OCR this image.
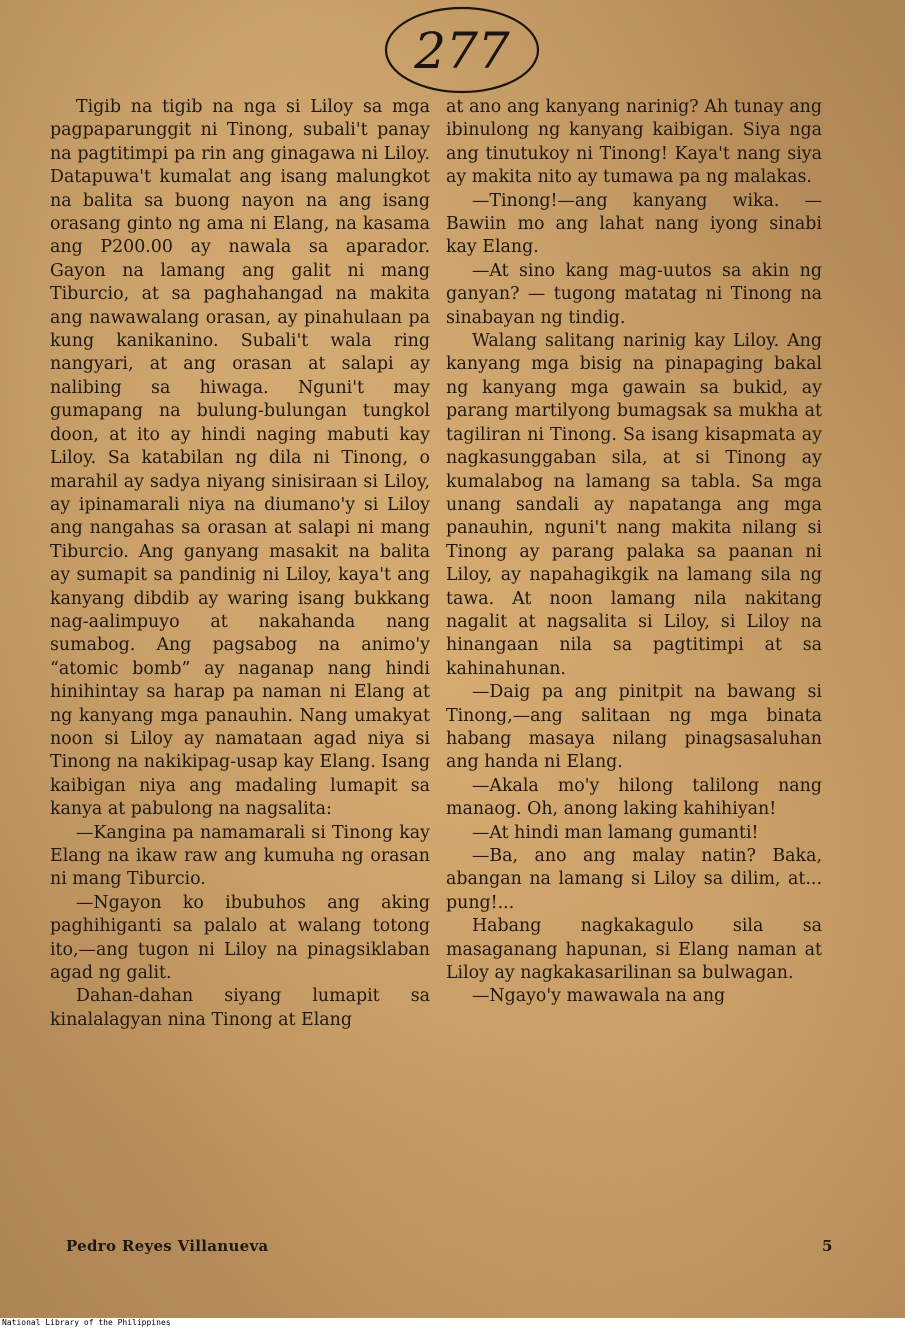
277

Tigib na tigib na nga si Liloy sa mga pagpaparunggit ni Tinong, subali't panay na pagtitimpi pa rin ang ginagawa ni Liloy. Datapuwa't kumalat ang isang malungkot na balita sa buong nayon na ang isang orasang ginto ng ama ni Elang, na kasama ang P200.00 ay nawala sa aparador. Gayon na lamang ang galit ni mang Tiburcio, at sa paghahangad na makita ang nawawalang orasan, ay pinahulaan pa kung kanikanino. Subali't wala ring nangyari, at ang orasan at salapi ay nalibing sa hiwaga. Nguni't may gumapang na bulung-bulungan tungkol doon, at ito ay hindi naging mabuti kay Liloy. Sa katabilan ng dila ni Tinong, o marahil ay sadya niyang sinisiraan si Liloy, ay ipinamarali niya na diumano'y si Liloy ang nangahas sa orasan at salapi ni mang Tiburcio. Ang ganyang masakit na balita ay sumapit sa pandinig ni Liloy, kaya't ang kanyang dibdib ay waring isang bukkang nag-aalimpuyo at nakahanda nang sumabog. Ang pagsabog na animo'y “atomic bomb” ay naganap nang hindi hinihintay sa harap pa naman ni Elang at ng kanyang mga panauhin. Nang umakyat noon si Liloy ay namataan agad niya si Tinong na nakikipag-usap kay Elang. Isang kaibigan niya ang madaling lumapit sa kanya at pabulong na nagsalita:

—Kangina pa namamarali si Tinong kay Elang na ikaw raw ang kumuha ng orasan ni mang Tiburcio.

—Ngayon ko ibubuhos ang aking paghihiganti sa palalo at walang totong ito,—ang tugon ni Liloy na pinagsiklaban agad ng galit.

Dahan-dahan siyang lumapit sa kinalalagyan nina Tinong at Elang

at ano ang kanyang narinig? Ah tunay ang ibinulong ng kanyang kaibigan. Siya nga ang tinutukoy ni Tinong! Kaya't nang siya ay makita nito ay tumawa pa ng malakas.

—Tinong!—ang kanyang wika. —Bawiin mo ang lahat nang iyong sinabi kay Elang.

—At sino kang mag-uutos sa akin ng ganyan? — tugong matatag ni Tinong na sinabayan ng tindig.

Walang salitang narinig kay Liloy. Ang kanyang mga bisig na pinapaging bakal ng kanyang mga gawain sa bukid, ay parang martilyong bumagsak sa mukha at tagiliran ni Tinong. Sa isang kisapmata ay nagkasunggaban sila, at si Tinong ay kumalabog na lamang sa tabla. Sa mga unang sandali ay napatanga ang mga panauhin, nguni't nang makita nilang si Tinong ay parang palaka sa paanan ni Liloy, ay napahagikgik na lamang sila ng tawa. At noon lamang nila nakitang nagalit at nagsalita si Liloy, si Liloy na hinangaan nila sa pagtitimpi at sa kahinahunan.

—Daig pa ang pinitpit na bawang si Tinong,—ang salitaan ng mga binata habang masaya nilang pinagsasaluhan ang handa ni Elang.

—Akala mo'y hilong talilong nang manaog. Oh, anong laking kahihiyan!

—At hindi man lamang gumanti!

—Ba, ano ang malay natin? Baka, abangan na lamang si Liloy sa dilim, at... pung!...

Habang nagkakagulo sila sa masaganang hapunan, si Elang naman at Liloy ay nagkakasarilinan sa bulwagan.

—Ngayo'y mawawala na ang

Pedro Reyes Villanueva	5
National Library of the Philippines
